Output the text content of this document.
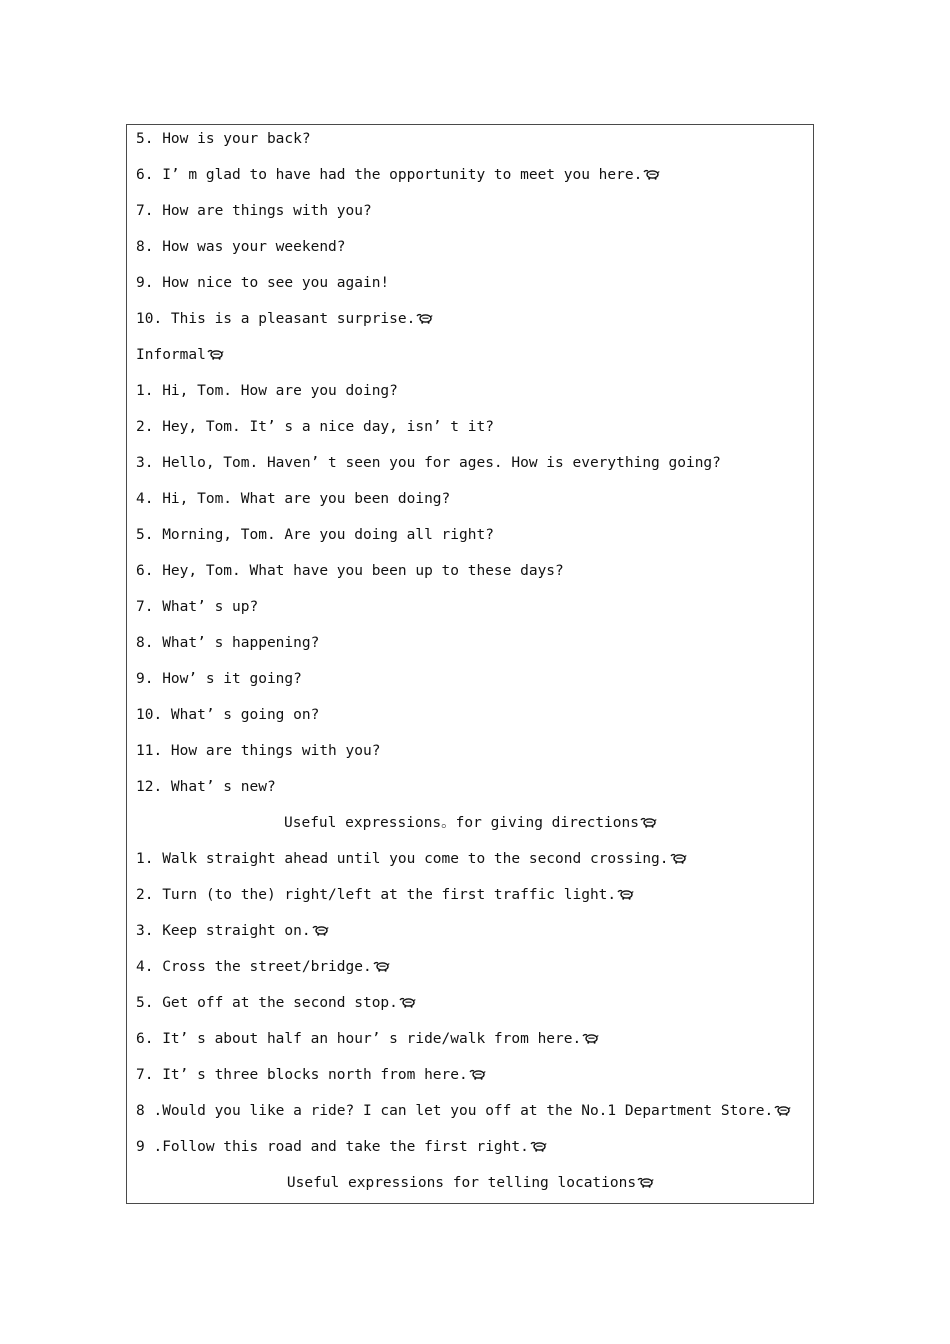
5. How is your back?
6. I’ m glad to have had the opportunity to meet you here.
7. How are things with you?
8. How was your weekend?
9. How nice to see you again!
10. This is a pleasant surprise.
Informal
1. Hi, Tom. How are you doing?
2. Hey, Tom. It’ s a nice day, isn’ t it?
3. Hello, Tom. Haven’ t seen you for ages. How is everything going?
4. Hi, Tom. What are you been doing?
5. Morning, Tom. Are you doing all right?
6. Hey, Tom. What have you been up to these days?
7. What’ s up?
8. What’ s happening?
9. How’ s it going?
10. What’ s going on?
11. How are things with you?
12. What’ s new?
Useful expressions。for giving directions
1. Walk straight ahead until you come to the second crossing.
2. Turn (to the) right/left at the first traffic light.
3. Keep straight on.
4. Cross the street/bridge.
5. Get off at the second stop.
6. It’ s about half an hour’ s ride/walk from here.
7. It’ s three blocks north from here.
8 .Would you like a ride? I can let you off at the No.1 Department Store.
9 .Follow this road and take the first right.
Useful expressions for telling locations
